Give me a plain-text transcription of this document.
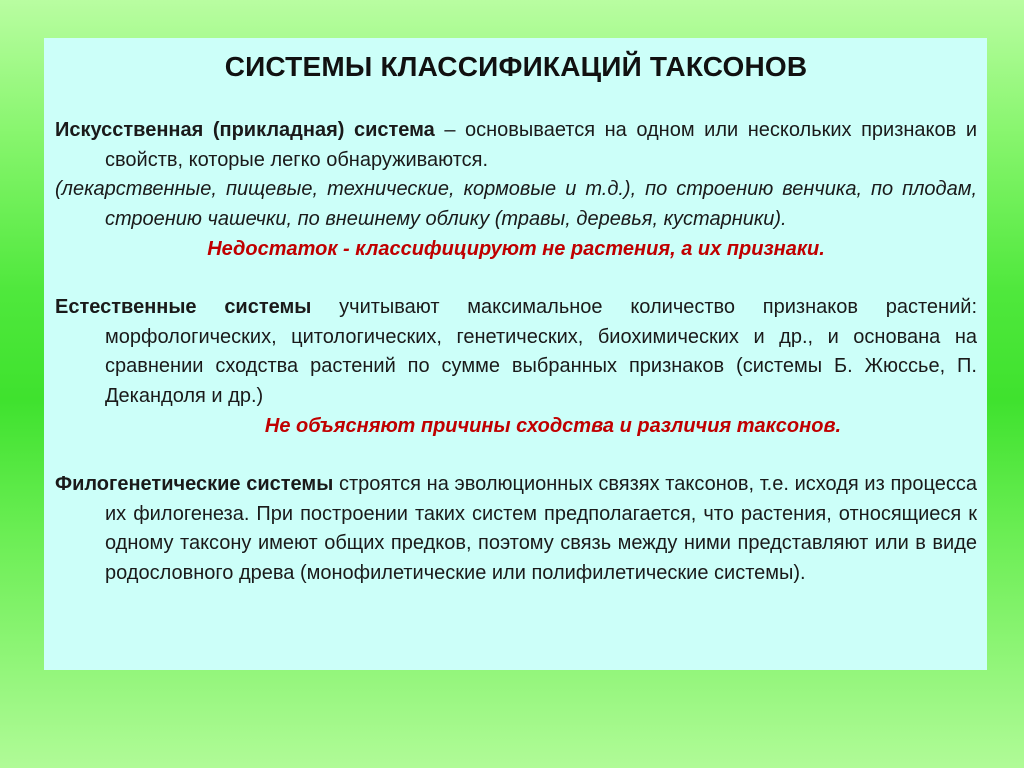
СИСТЕМЫ КЛАССИФИКАЦИЙ ТАКСОНОВ

Искусственная (прикладная) система – основывается на одном или нескольких признаков и свойств, которые легко обнаруживаются.

(лекарственные, пищевые, технические, кормовые и т.д.), по строению венчика, по плодам, строению чашечки, по внешнему облику (травы, деревья, кустарники).

Недостаток - классифицируют не растения, а их признаки.

Естественные системы учитывают максимальное количество признаков растений: морфологических, цитологических, генетических, биохимических и др., и основана на сравнении сходства растений по сумме выбранных признаков (системы Б. Жюссье, П. Декандоля и др.)

Не объясняют причины сходства и различия таксонов.

Филогенетические системы строятся на эволюционных связях таксонов, т.е. исходя из процесса их филогенеза. При построении таких систем предполагается, что растения, относящиеся к одному таксону имеют общих предков, поэтому связь между ними представляют или в виде родословного древа (монофилетические или полифилетические системы).
